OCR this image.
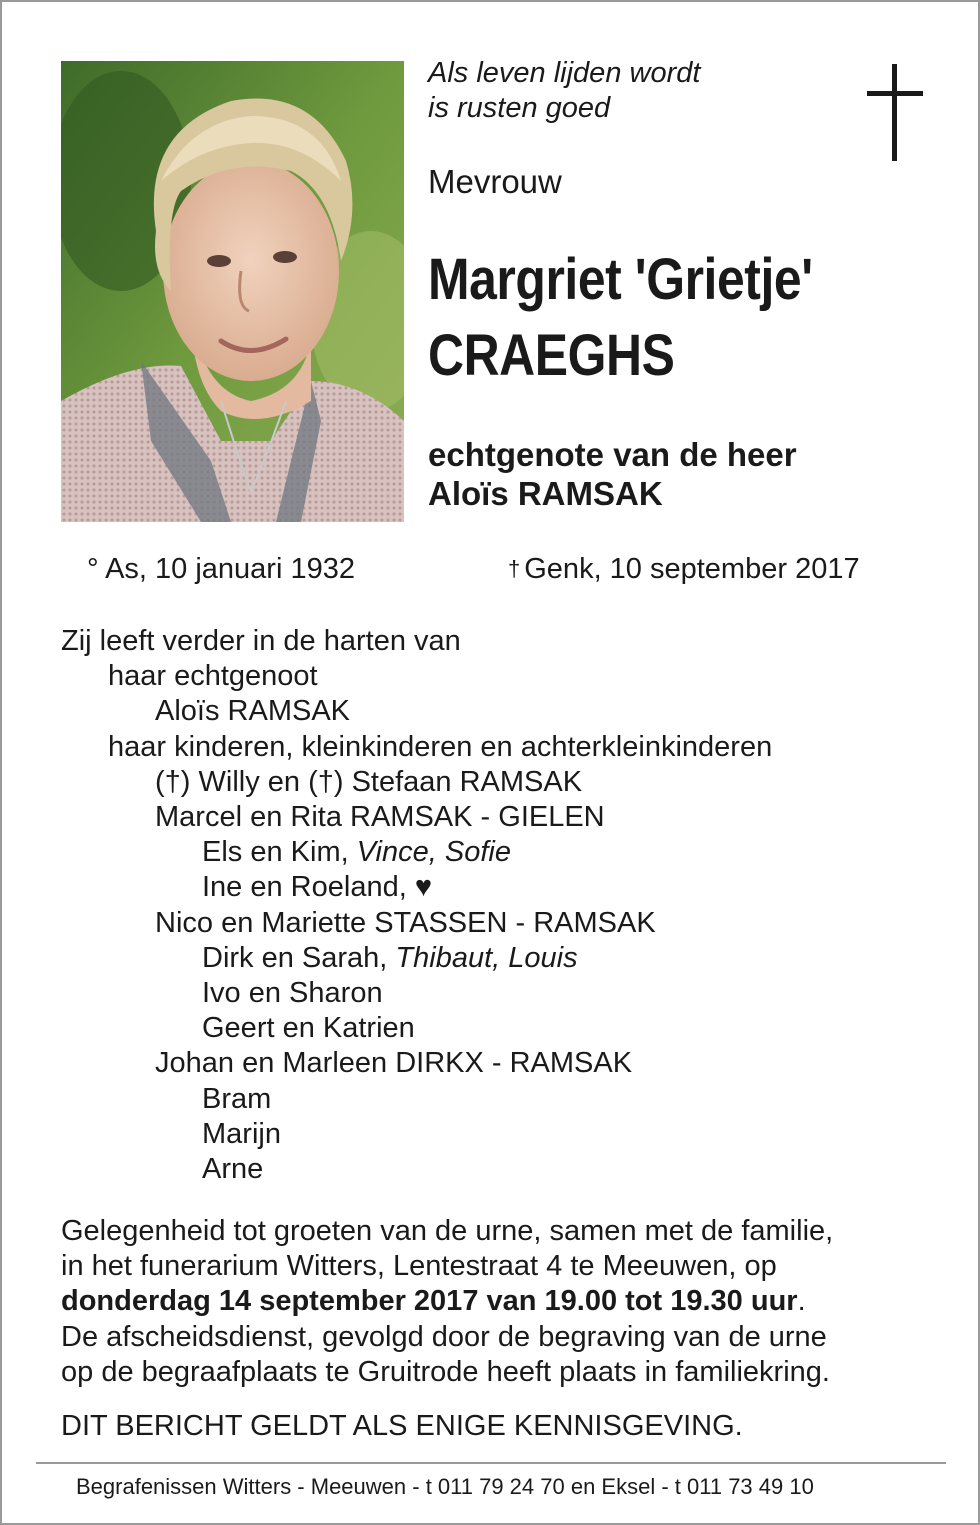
Als leven lijden wordt
is rusten goed
Mevrouw
Margriet 'Grietje'
CRAEGHS
echtgenote van de heer
Aloïs RAMSAK
° As, 10 januari 1932	† Genk, 10 september 2017
Zij leeft verder in de harten van
haar echtgenoot
Aloïs RAMSAK
haar kinderen, kleinkinderen en achterkleinkinderen
(†) Willy en (†) Stefaan RAMSAK
Marcel en Rita RAMSAK - GIELEN
Els en Kim, Vince, Sofie
Ine en Roeland, ♥
Nico en Mariette STASSEN - RAMSAK
Dirk en Sarah, Thibaut, Louis
Ivo en Sharon
Geert en Katrien
Johan en Marleen DIRKX - RAMSAK
Bram
Marijn
Arne
Gelegenheid tot groeten van de urne, samen met de familie,
in het funerarium Witters, Lentestraat 4 te Meeuwen, op
donderdag 14 september 2017 van 19.00 tot 19.30 uur.
De afscheidsdienst, gevolgd door de begraving van de urne
op de begraafplaats te Gruitrode heeft plaats in familiekring.
DIT BERICHT GELDT ALS ENIGE KENNISGEVING.
Begrafenissen Witters - Meeuwen - t 011 79 24 70 en Eksel - t 011 73 49 10
